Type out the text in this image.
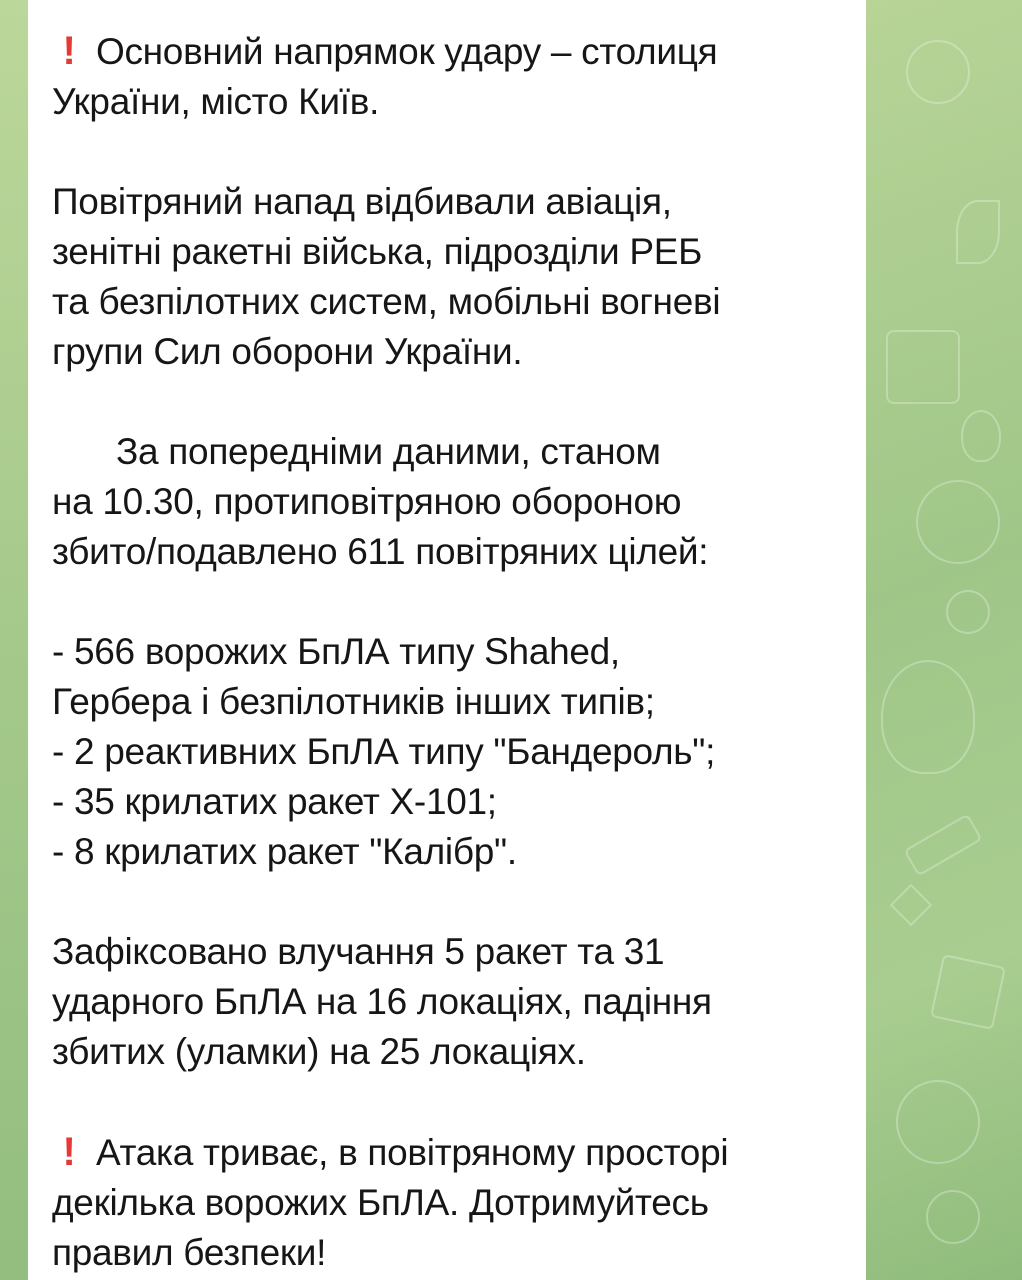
! Основний напрямок удару – столиця
України, місто Київ.

Повітряний напад відбивали авіація,
зенітні ракетні війська, підрозділи РЕБ
та безпілотних систем, мобільні вогневі
групи Сил оборони України.

За попередніми даними, станом
на 10.30, протиповітряною обороною
збито/подавлено 611 повітряних цілей:

- 566 ворожих БпЛА типу Shahed,
Гербера і безпілотників інших типів;
- 2 реактивних БпЛА типу "Бандероль";
- 35 крилатих ракет Х-101;
- 8 крилатих ракет "Калібр".

Зафіксовано влучання 5 ракет та 31
ударного БпЛА на 16 локаціях, падіння
збитих (уламки) на 25 локаціях.

! Атака триває, в повітряному просторі
декілька ворожих БпЛА. Дотримуйтесь
правил безпеки!
